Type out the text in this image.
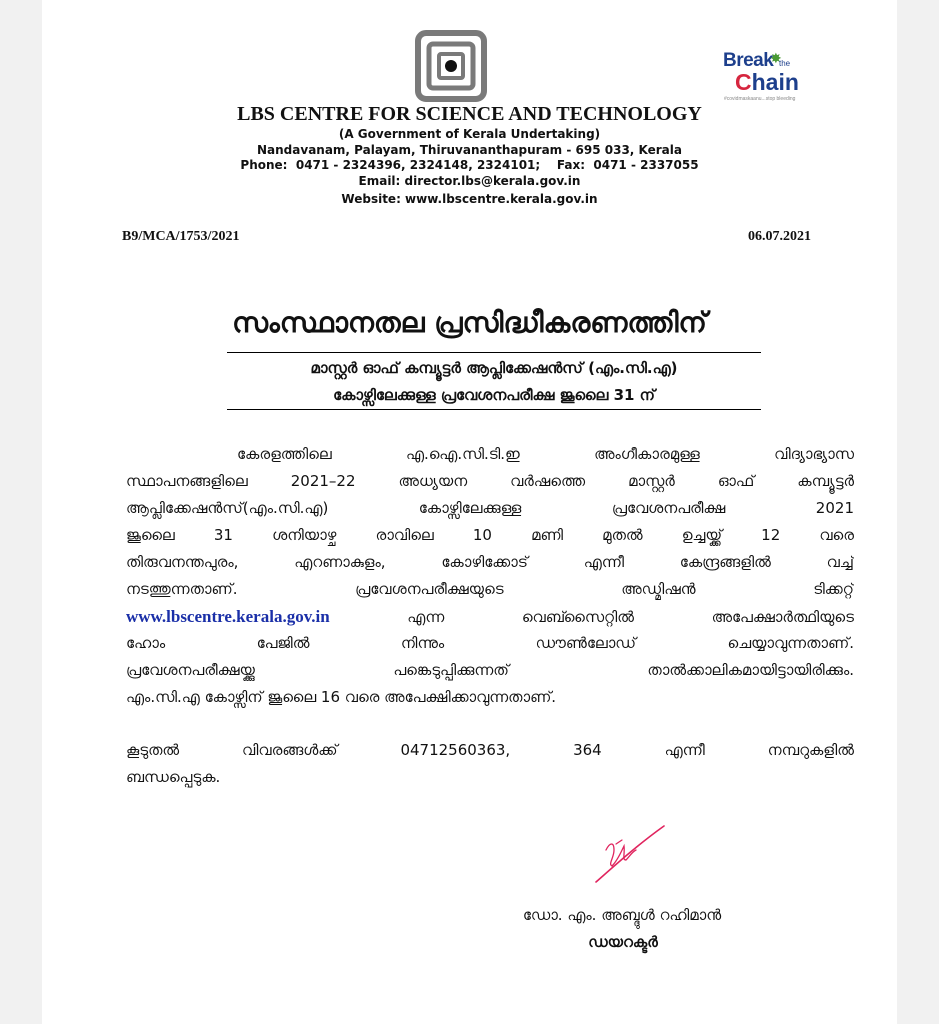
Break
✸
the
Chain
#covidmaskaanu...stop bleeding
LBS CENTRE FOR SCIENCE AND TECHNOLOGY
(A Government of Kerala Undertaking)
Nandavanam, Palayam, Thiruvananthapuram - 695 033, Kerala
Phone:  0471 - 2324396, 2324148, 2324101;    Fax:  0471 - 2337055
Email: director.lbs@kerala.gov.in
Website: www.lbscentre.kerala.gov.in
B9/MCA/1753/2021	06.07.2021
സംസ്ഥാനതല പ്രസിദ്ധീകരണത്തിന്
മാസ്റ്റർ ഓഫ് കമ്പ്യൂട്ടർ ആപ്ലിക്കേഷൻസ് (എം.സി.എ)
കോഴ്സിലേക്കുള്ള പ്രവേശനപരീക്ഷ ജൂലൈ 31 ന്
കേരളത്തിലെ എ.ഐ.സി.ടി.ഇ അംഗീകാരമുള്ള വിദ്യാഭ്യാസ
സ്ഥാപനങ്ങളിലെ 2021–22 അധ്യയന വർഷത്തെ മാസ്റ്റർ ഓഫ് കമ്പ്യൂട്ടർ
ആപ്ലിക്കേഷൻസ്(എം.സി.എ) കോഴ്സിലേക്കുള്ള പ്രവേശനപരീക്ഷ 2021
ജൂലൈ 31 ശനിയാഴ്ച രാവിലെ 10 മണി മുതൽ ഉച്ചയ്ക്ക് 12 വരെ
തിരുവനന്തപുരം, എറണാകുളം, കോഴിക്കോട് എന്നീ കേന്ദ്രങ്ങളിൽ വച്ച്
നടത്തുന്നതാണ്. പ്രവേശനപരീക്ഷയുടെ അഡ്മിഷൻ ടിക്കറ്റ്
www.lbscentre.kerala.gov.in	എന്ന വെബ്സൈറ്റിൽ അപേക്ഷാർത്ഥിയുടെ
ഹോം പേജിൽ നിന്നും ഡൗൺലോഡ് ചെയ്യാവുന്നതാണ്.
പ്രവേശനപരീക്ഷയ്ക്കു പങ്കെടുപ്പിക്കുന്നത് താൽക്കാലികമായിട്ടായിരിക്കും.
എം.സി.എ കോഴ്സിന് ജൂലൈ 16 വരെ അപേക്ഷിക്കാവുന്നതാണ്.
കൂടുതൽ വിവരങ്ങൾക്ക് 04712560363, 364 എന്നീ നമ്പറുകളിൽ
ബന്ധപ്പെടുക.
ഡോ. എം. അബ്ദുൾ റഹിമാൻ
ഡയറക്ടർ
